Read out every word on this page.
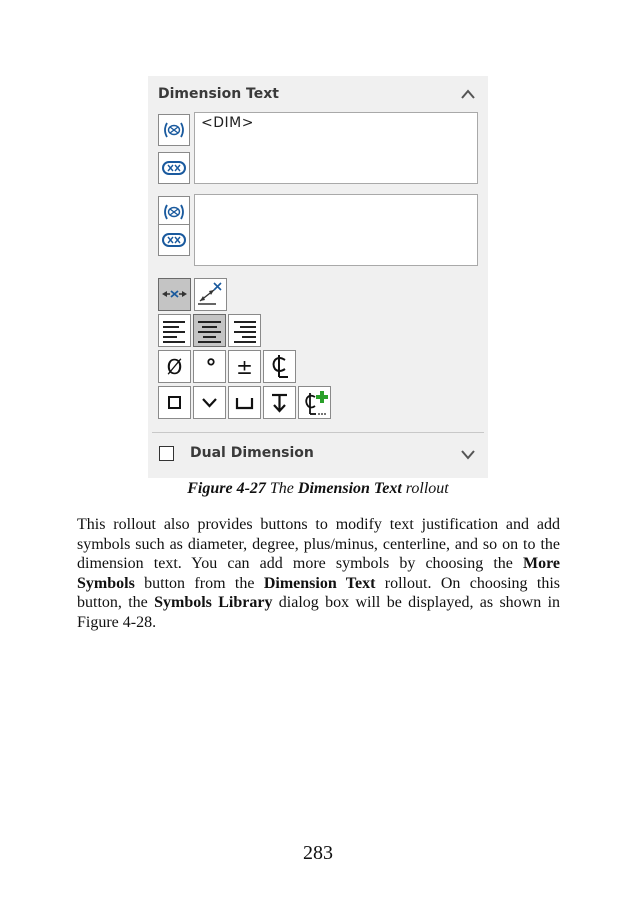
Dimension Text
<DIM>
Ø ° ±
Dual Dimension
Figure 4-27 The Dimension Text rollout

This rollout also provides buttons to modify text justification and add symbols such as diameter, degree, plus/minus, centerline, and so on to the dimension text. You can add more symbols by choosing the More Symbols button from the Dimension Text rollout. On choosing this button, the Symbols Library dialog box will be displayed, as shown in Figure 4-28.

283
